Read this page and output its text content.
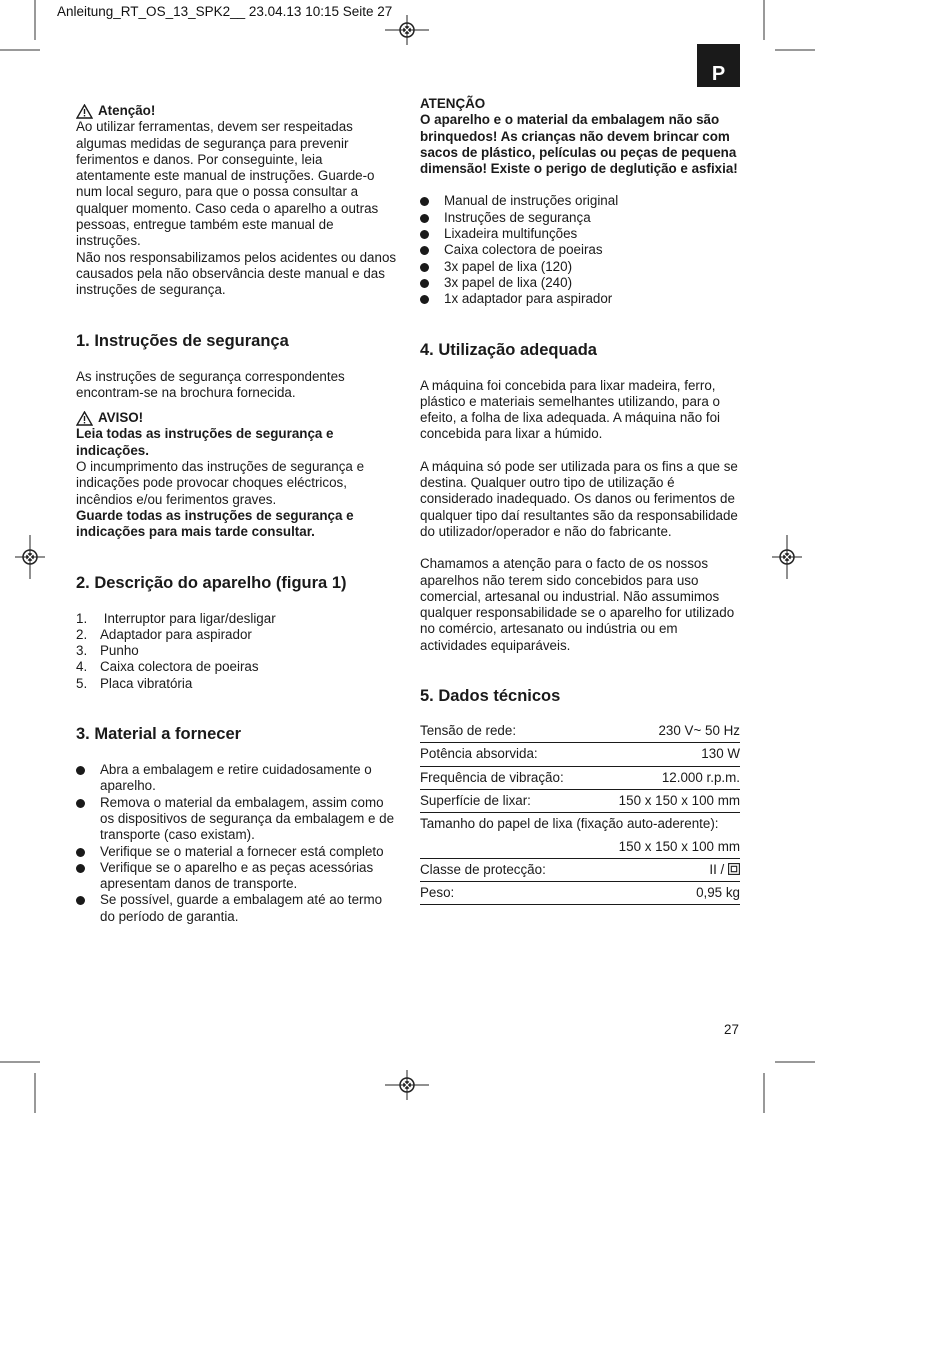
Anleitung_RT_OS_13_SPK2__ 23.04.13 10:15 Seite 27
P
Atenção!

Ao utilizar ferramentas, devem ser respeitadas algumas medidas de segurança para prevenir ferimentos e danos. Por conseguinte, leia atentamente este manual de instruções. Guarde-o num local seguro, para que o possa consultar a qualquer momento. Caso ceda o aparelho a outras pessoas, entregue também este manual de instruções.

Não nos responsabilizamos pelos acidentes ou danos causados pela não observância deste manual e das instruções de segurança.

1. Instruções de segurança

As instruções de segurança correspondentes encontram-se na brochura fornecida.

AVISO!

Leia todas as instruções de segurança e indicações.

O incumprimento das instruções de segurança e indicações pode provocar choques eléctricos, incêndios e/ou ferimentos graves.

Guarde todas as instruções de segurança e indicações para mais tarde consultar.

2. Descrição do aparelho (figura 1)
1. Interruptor para ligar/desligar
2. Adaptador para aspirador
3. Punho
4. Caixa colectora de poeiras
5. Placa vibratória
3. Material a fornecer
Abra a embalagem e retire cuidadosamente o aparelho.
Remova o material da embalagem, assim como os dispositivos de segurança da embalagem e de transporte (caso existam).
Verifique se o material a fornecer está completo
Verifique se o aparelho e as peças acessórias apresentam danos de transporte.
Se possível, guarde a embalagem até ao termo do período de garantia.

ATENÇÃO

O aparelho e o material da embalagem não são brinquedos! As crianças não devem brincar com sacos de plástico, películas ou peças de pequena dimensão! Existe o perigo de deglutição e asfixia!

Manual de instruções original
Instruções de segurança
Lixadeira multifunções
Caixa colectora de poeiras
3x papel de lixa (120)
3x papel de lixa (240)
1x adaptador para aspirador
4. Utilização adequada

A máquina foi concebida para lixar madeira, ferro, plástico e materiais semelhantes utilizando, para o efeito, a folha de lixa adequada. A máquina não foi concebida para lixar a húmido.

A máquina só pode ser utilizada para os fins a que se destina. Qualquer outro tipo de utilização é considerado inadequado. Os danos ou ferimentos de qualquer tipo daí resultantes são da responsabilidade do utilizador/operador e não do fabricante.

Chamamos a atenção para o facto de os nossos aparelhos não terem sido concebidos para uso comercial, artesanal ou industrial. Não assumimos qualquer responsabilidade se o aparelho for utilizado no comércio, artesanato ou indústria ou em actividades equiparáveis.

5. Dados técnicos
Tensão de rede:	230 V~ 50 Hz
Potência absorvida:	130 W
Frequência de vibração:	12.000 r.p.m.
Superfície de lixar:	150 x 150 x 100 mm
Tamanho do papel de lixa (fixação auto-aderente):	
	150 x 150 x 100 mm
Classe de protecção:	II /
Peso:	0,95 kg
27
